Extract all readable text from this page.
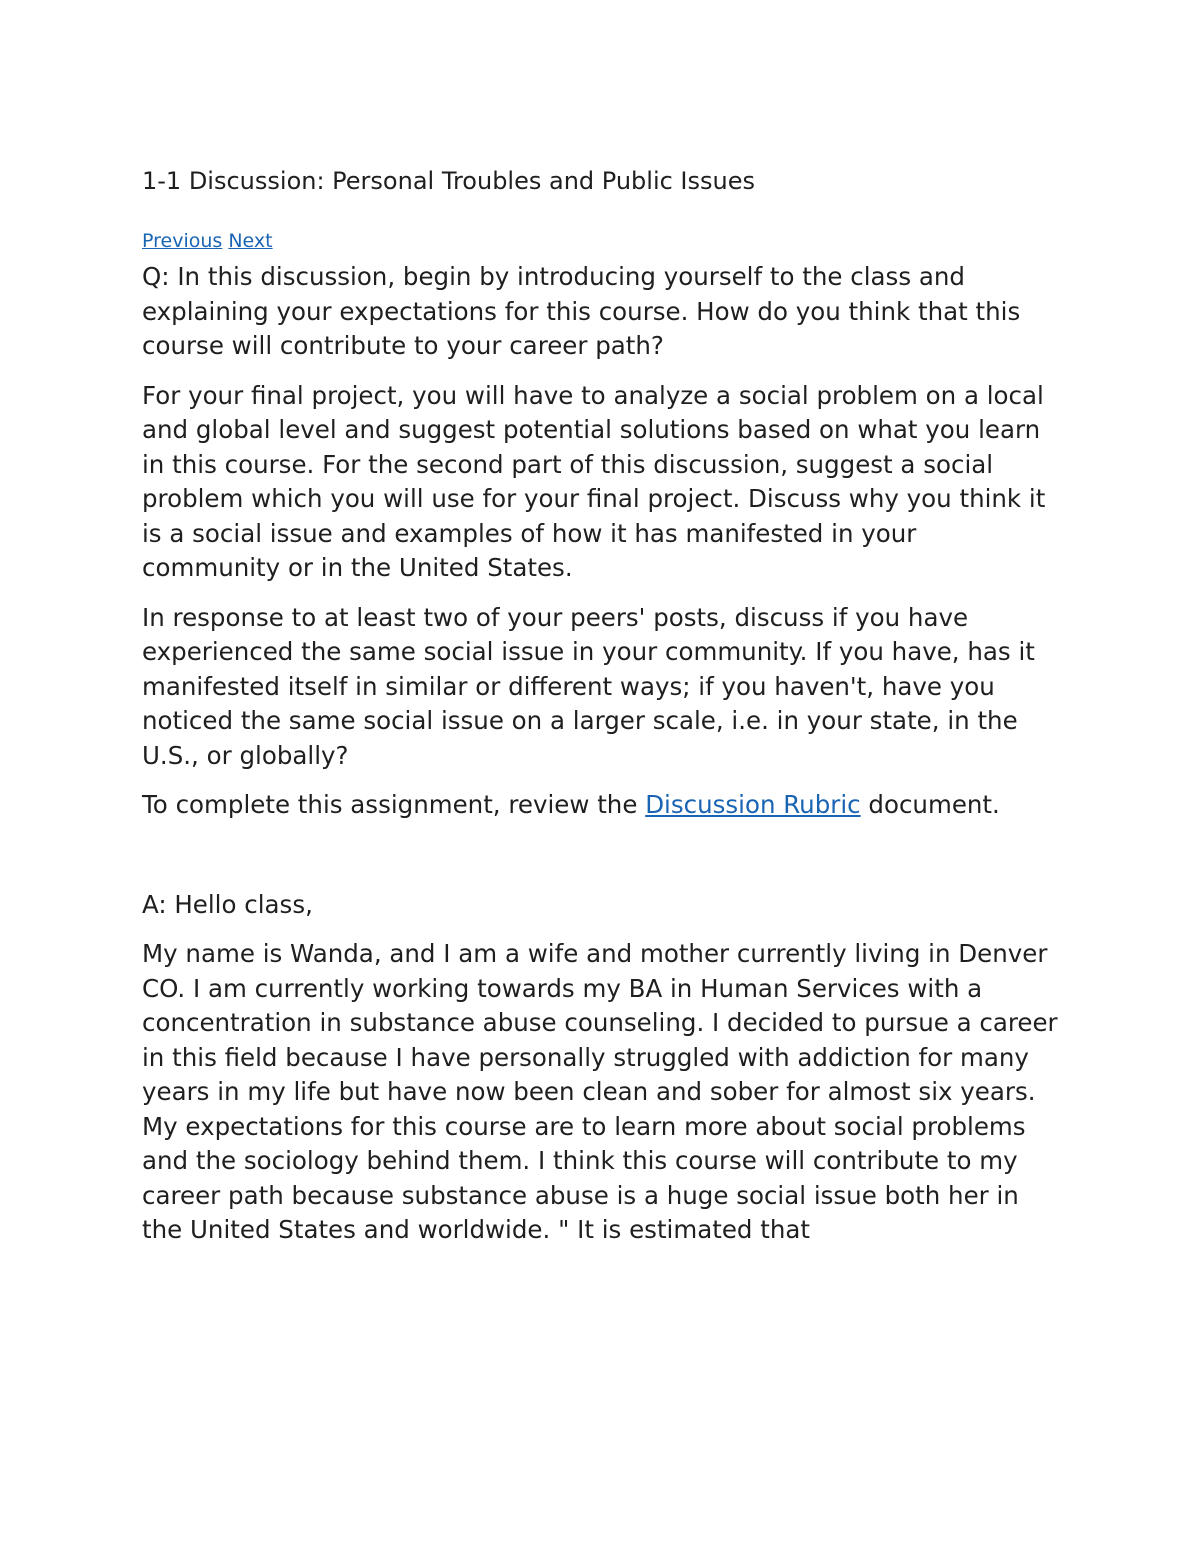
1-1 Discussion: Personal Troubles and Public Issues
Previous Next

Q: In this discussion, begin by introducing yourself to the class and explaining your expectations for this course. How do you think that this course will contribute to your career path?

For your final project, you will have to analyze a social problem on a local and global level and suggest potential solutions based on what you learn in this course. For the second part of this discussion, suggest a social problem which you will use for your final project. Discuss why you think it is a social issue and examples of how it has manifested in your community or in the United States.

In response to at least two of your peers' posts, discuss if you have experienced the same social issue in your community. If you have, has it manifested itself in similar or different ways; if you haven't, have you noticed the same social issue on a larger scale, i.e. in your state, in the U.S., or globally?

To complete this assignment, review the Discussion Rubric document.

A: Hello class,

My name is Wanda, and I am a wife and mother currently living in Denver CO. I am currently working towards my BA in Human Services with a concentration in substance abuse counseling. I decided to pursue a career in this field because I have personally struggled with addiction for many years in my life but have now been clean and sober for almost six years. My expectations for this course are to learn more about social problems and the sociology behind them. I think this course will contribute to my career path because substance abuse is a huge social issue both her in the United States and worldwide. " It is estimated that
